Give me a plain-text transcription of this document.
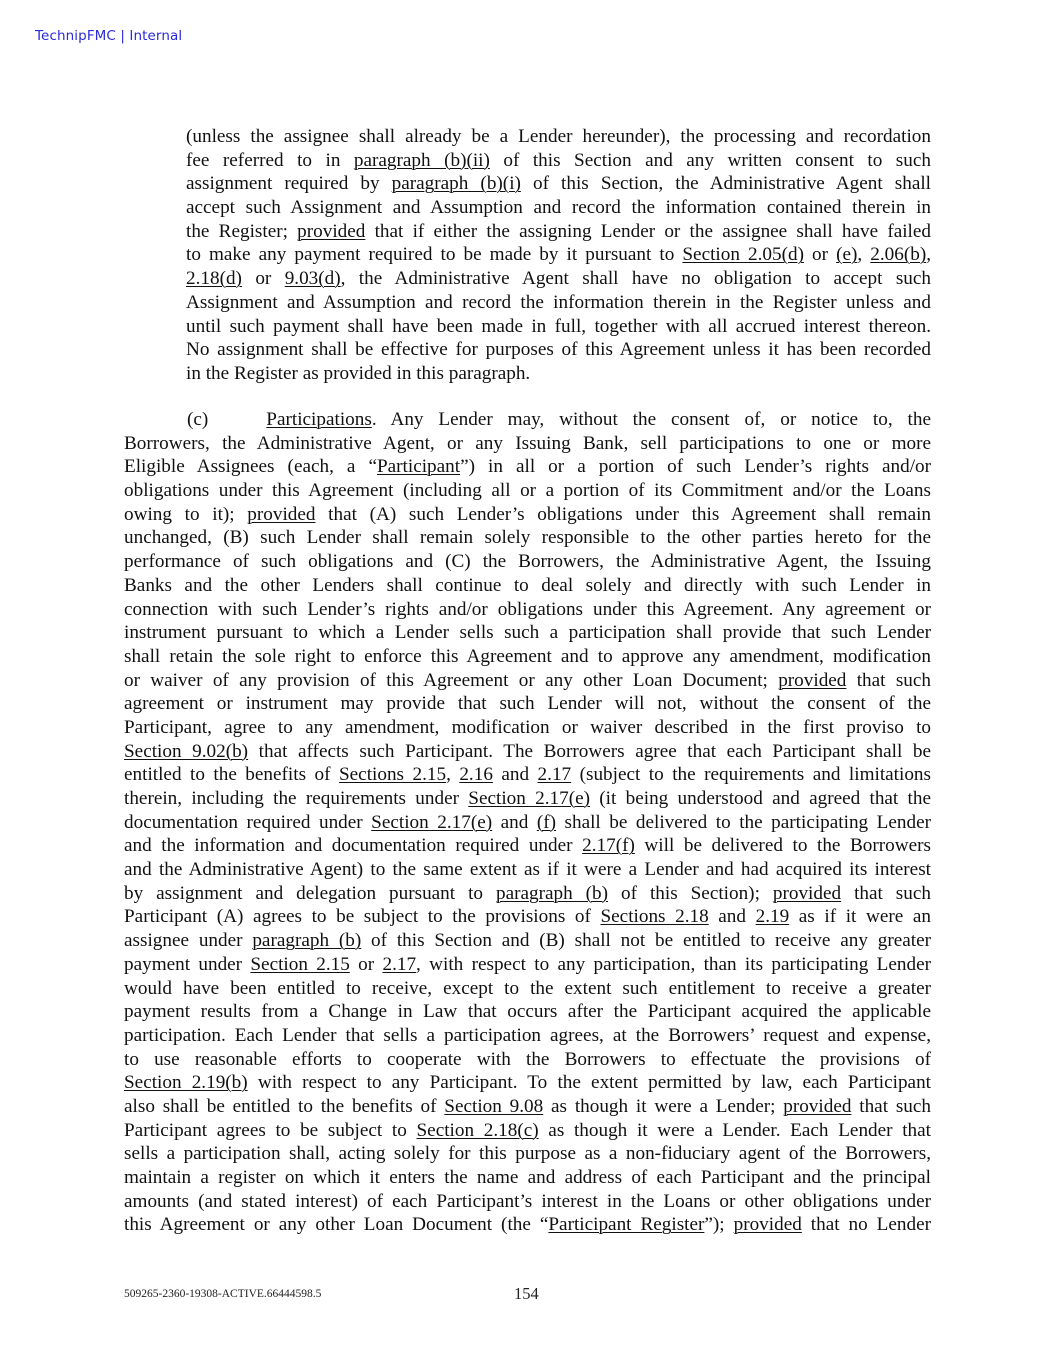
TechnipFMC | Internal
(unless the assignee shall already be a Lender hereunder), the processing and recordation
fee referred to in paragraph (b)(ii) of this Section and any written consent to such
assignment required by paragraph (b)(i) of this Section, the Administrative Agent shall
accept such Assignment and Assumption and record the information contained therein in
the Register; provided that if either the assigning Lender or the assignee shall have failed
to make any payment required to be made by it pursuant to Section 2.05(d) or (e), 2.06(b),
2.18(d) or 9.03(d), the Administrative Agent shall have no obligation to accept such
Assignment and Assumption and record the information therein in the Register unless and
until such payment shall have been made in full, together with all accrued interest thereon.
No assignment shall be effective for purposes of this Agreement unless it has been recorded
in the Register as provided in this paragraph.
(c)	Participations. Any Lender may, without the consent of, or notice to, the
Borrowers, the Administrative Agent, or any Issuing Bank, sell participations to one or more
Eligible Assignees (each, a “Participant”) in all or a portion of such Lender’s rights and/or
obligations under this Agreement (including all or a portion of its Commitment and/or the Loans
owing to it); provided that (A) such Lender’s obligations under this Agreement shall remain
unchanged, (B) such Lender shall remain solely responsible to the other parties hereto for the
performance of such obligations and (C) the Borrowers, the Administrative Agent, the Issuing
Banks and the other Lenders shall continue to deal solely and directly with such Lender in
connection with such Lender’s rights and/or obligations under this Agreement. Any agreement or
instrument pursuant to which a Lender sells such a participation shall provide that such Lender
shall retain the sole right to enforce this Agreement and to approve any amendment, modification
or waiver of any provision of this Agreement or any other Loan Document; provided that such
agreement or instrument may provide that such Lender will not, without the consent of the
Participant, agree to any amendment, modification or waiver described in the first proviso to
Section 9.02(b) that affects such Participant. The Borrowers agree that each Participant shall be
entitled to the benefits of Sections 2.15, 2.16 and 2.17 (subject to the requirements and limitations
therein, including the requirements under Section 2.17(e) (it being understood and agreed that the
documentation required under Section 2.17(e) and (f) shall be delivered to the participating Lender
and the information and documentation required under 2.17(f) will be delivered to the Borrowers
and the Administrative Agent) to the same extent as if it were a Lender and had acquired its interest
by assignment and delegation pursuant to paragraph (b) of this Section); provided that such
Participant (A) agrees to be subject to the provisions of Sections 2.18 and 2.19 as if it were an
assignee under paragraph (b) of this Section and (B) shall not be entitled to receive any greater
payment under Section 2.15 or 2.17, with respect to any participation, than its participating Lender
would have been entitled to receive, except to the extent such entitlement to receive a greater
payment results from a Change in Law that occurs after the Participant acquired the applicable
participation. Each Lender that sells a participation agrees, at the Borrowers’ request and expense,
to use reasonable efforts to cooperate with the Borrowers to effectuate the provisions of
Section 2.19(b) with respect to any Participant. To the extent permitted by law, each Participant
also shall be entitled to the benefits of Section 9.08 as though it were a Lender; provided that such
Participant agrees to be subject to Section 2.18(c) as though it were a Lender. Each Lender that
sells a participation shall, acting solely for this purpose as a non-fiduciary agent of the Borrowers,
maintain a register on which it enters the name and address of each Participant and the principal
amounts (and stated interest) of each Participant’s interest in the Loans or other obligations under
this Agreement or any other Loan Document (the “Participant Register”); provided that no Lender
509265-2360-19308-ACTIVE.66444598.5	154
